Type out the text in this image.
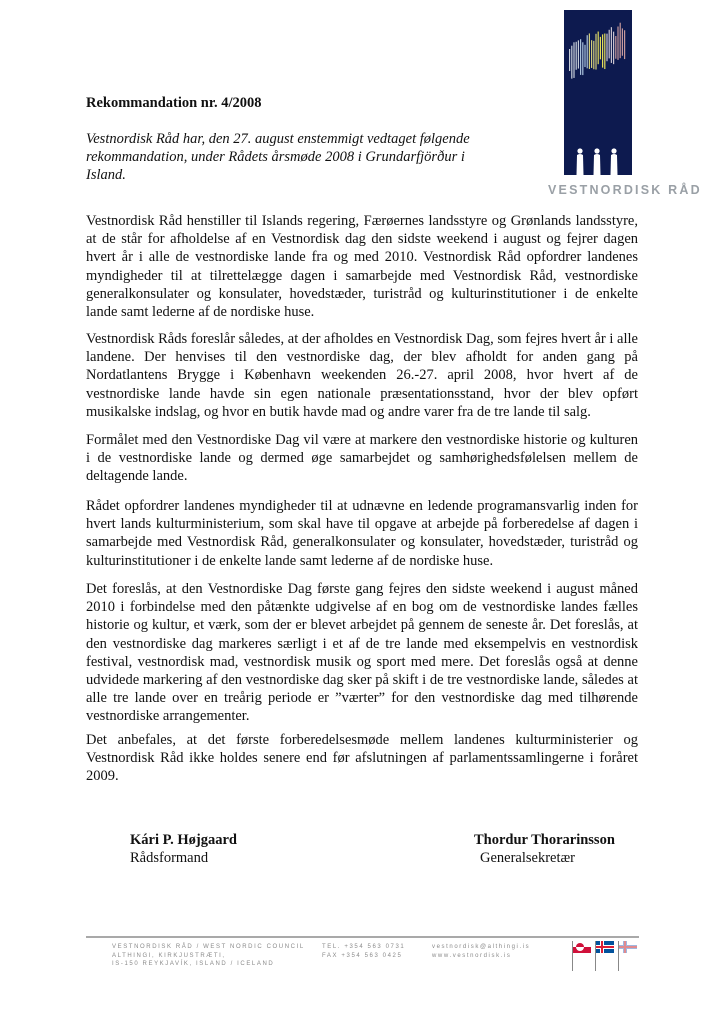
VESTNORDISK RÅD
Rekommandation nr. 4/2008
Vestnordisk Råd har, den 27. august enstemmigt vedtaget følgende rekommandation, under Rådets årsmøde 2008 i Grundarfjörður i Island.
Vestnordisk Råd henstiller til Islands regering, Færøernes landsstyre og Grønlands landsstyre, at de står for afholdelse af en Vestnordisk dag den sidste weekend i august og fejrer dagen hvert år i alle de vestnordiske lande fra og med 2010. Vestnordisk Råd opfordrer landenes myndigheder til at tilrettelægge dagen i samarbejde med Vestnordisk Råd, vestnordiske generalkonsulater og konsulater, hovedstæder, turistråd og kulturinstitutioner i de enkelte lande samt lederne af de nordiske huse.
Vestnordisk Råds foreslår således, at der afholdes en Vestnordisk Dag, som fejres hvert år i alle landene. Der henvises til den vestnordiske dag, der blev afholdt for anden gang på Nordatlantens Brygge i København weekenden 26.-27. april 2008, hvor hvert af de vestnordiske lande havde sin egen nationale præsentationsstand, hvor der blev opført musikalske indslag, og hvor en butik havde mad og andre varer fra de tre lande til salg.
Formålet med den Vestnordiske Dag vil være at markere den vestnordiske historie og kulturen i de vestnordiske lande og dermed øge samarbejdet og samhørighedsfølelsen mellem de deltagende lande.
Rådet opfordrer landenes myndigheder til at udnævne en ledende programansvarlig inden for hvert lands kulturministerium, som skal have til opgave at arbejde på forberedelse af dagen i samarbejde med Vestnordisk Råd, generalkonsulater og konsulater, hovedstæder, turistråd og kulturinstitutioner i de enkelte lande samt lederne af de nordiske huse.
Det foreslås, at den Vestnordiske Dag første gang fejres den sidste weekend i august måned 2010 i forbindelse med den påtænkte udgivelse af en bog om de vestnordiske landes fælles historie og kultur, et værk, som der er blevet arbejdet på gennem de seneste år. Det foreslås, at den vestnordiske dag markeres særligt i et af de tre lande med eksempelvis en vestnordisk festival, vestnordisk mad, vestnordisk musik og sport med mere. Det foreslås også at denne udvidede markering af den vestnordiske dag sker på skift i de tre vestnordiske lande, således at alle tre lande over en treårig periode er ”værter” for den vestnordiske dag med tilhørende vestnordiske arrangementer.
Det anbefales, at det første forberedelsesmøde mellem landenes kulturministerier og Vestnordisk Råd ikke holdes senere end før afslutningen af parlamentssamlingerne i foråret 2009.
Kári P. Højgaard
Rådsformand
Thordur Thorarinsson
Generalsekretær
VESTNORDISK RÅD / WEST NORDIC COUNCIL
ALTHINGI, KIRKJUSTRÆTI,
IS-150 REYKJAVÍK, ISLAND / ICELAND
TEL. +354 563 0731
FAX +354 563 0425
vestnordisk@althingi.is
www.vestnordisk.is
